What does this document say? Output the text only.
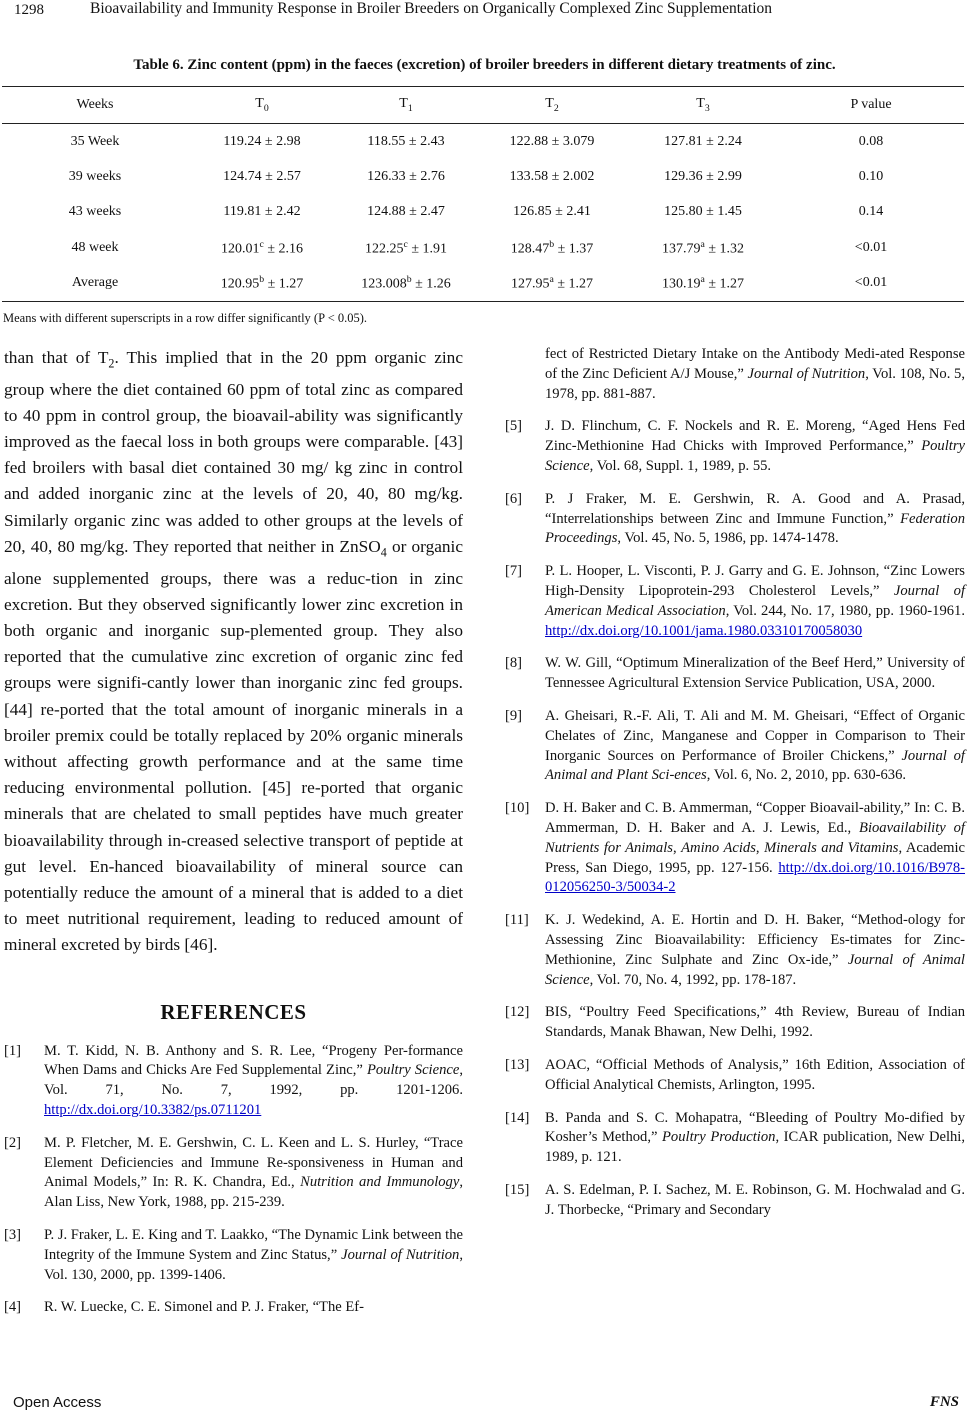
1298	Bioavailability and Immunity Response in Broiler Breeders on Organically Complexed Zinc Supplementation
Table 6. Zinc content (ppm) in the faeces (excretion) of broiler breeders in different dietary treatments of zinc.
Weeks	$T_0$	$T_1$	$T_2$	$T_3$	P value
35 Week	119.24 ± 2.98	118.55 ± 2.43	122.88 ± 3.079	127.81 ± 2.24	0.08
39 weeks	124.74 ± 2.57	126.33 ± 2.76	133.58 ± 2.002	129.36 ± 2.99	0.10
43 weeks	119.81 ± 2.42	124.88 ± 2.47	126.85 ± 2.41	125.80 ± 1.45	0.14
48 week	120.01$^c$ ± 2.16	122.25$^c$ ± 1.91	128.47$^b$ ± 1.37	137.79$^a$ ± 1.32	<0.01
Average	120.95$^b$ ± 1.27	123.008$^b$ ± 1.26	127.95$^a$ ± 1.27	130.19$^a$ ± 1.27	<0.01
Means with different superscripts in a row differ significantly (P < 0.05).

than that of $T_2$. This implied that in the 20 ppm organic zinc group where the diet contained 60 ppm of total zinc as compared to 40 ppm in control group, the bioavail-ability was significantly improved as the faecal loss in both groups were comparable. [43] fed broilers with basal diet contained 30 mg/ kg zinc in control and added inorganic zinc at the levels of 20, 40, 80 mg/kg. Similarly organic zinc was added to other groups at the levels of 20, 40, 80 mg/kg. They reported that neither in ZnSO$_4$ or organic alone supplemented groups, there was a reduc-tion in zinc excretion. But they observed significantly lower zinc excretion in both organic and inorganic sup-plemented group. They also reported that the cumulative zinc excretion of organic zinc fed groups were signifi-cantly lower than inorganic zinc fed groups. [44] re-ported that the total amount of inorganic minerals in a broiler premix could be totally replaced by 20% organic minerals without affecting growth performance and at the same time reducing environmental pollution. [45] re-ported that organic minerals that are chelated to small peptides have much greater bioavailability through in-creased selective transport of peptide at gut level. En-hanced bioavailability of mineral source can potentially reduce the amount of a mineral that is added to a diet to meet nutritional requirement, leading to reduced amount of mineral excreted by birds [46].

REFERENCES
[1]	M. T. Kidd, N. B. Anthony and S. R. Lee, “Progeny Per-formance When Dams and Chicks Are Fed Supplemental Zinc,” Poultry Science, Vol. 71, No. 7, 1992, pp. 1201-1206. http://dx.doi.org/10.3382/ps.0711201
[2]	M. P. Fletcher, M. E. Gershwin, C. L. Keen and L. S. Hurley, “Trace Element Deficiencies and Immune Re-sponsiveness in Human and Animal Models,” In: R. K. Chandra, Ed., Nutrition and Immunology, Alan Liss, New York, 1988, pp. 215-239.
[3]	P. J. Fraker, L. E. King and T. Laakko, “The Dynamic Link between the Integrity of the Immune System and Zinc Status,” Journal of Nutrition, Vol. 130, 2000, pp. 1399-1406.
[4]	R. W. Luecke, C. E. Simonel and P. J. Fraker, “The Ef-
fect of Restricted Dietary Intake on the Antibody Medi-ated Response of the Zinc Deficient A/J Mouse,” Journal of Nutrition, Vol. 108, No. 5, 1978, pp. 881-887.
[5]	J. D. Flinchum, C. F. Nockels and R. E. Moreng, “Aged Hens Fed Zinc-Methionine Had Chicks with Improved Performance,” Poultry Science, Vol. 68, Suppl. 1, 1989, p. 55.
[6]	P. J Fraker, M. E. Gershwin, R. A. Good and A. Prasad, “Interrelationships between Zinc and Immune Function,” Federation Proceedings, Vol. 45, No. 5, 1986, pp. 1474-1478.
[7]	P. L. Hooper, L. Visconti, P. J. Garry and G. E. Johnson, “Zinc Lowers High-Density Lipoprotein-293 Cholesterol Levels,” Journal of American Medical Association, Vol. 244, No. 17, 1980, pp. 1960-1961. http://dx.doi.org/10.1001/jama.1980.03310170058030
[8]	W. W. Gill, “Optimum Mineralization of the Beef Herd,” University of Tennessee Agricultural Extension Service Publication, USA, 2000.
[9]	A. Gheisari, R.-F. Ali, T. Ali and M. M. Gheisari, “Effect of Organic Chelates of Zinc, Manganese and Copper in Comparison to Their Inorganic Sources on Performance of Broiler Chickens,” Journal of Animal and Plant Sci-ences, Vol. 6, No. 2, 2010, pp. 630-636.
[10]	D. H. Baker and C. B. Ammerman, “Copper Bioavail-ability,” In: C. B. Ammerman, D. H. Baker and A. J. Lewis, Ed., Bioavailability of Nutrients for Animals, Amino Acids, Minerals and Vitamins, Academic Press, San Diego, 1995, pp. 127-156. http://dx.doi.org/10.1016/B978-012056250-3/50034-2
[11]	K. J. Wedekind, A. E. Hortin and D. H. Baker, “Method-ology for Assessing Zinc Bioavailability: Efficiency Es-timates for Zinc-Methionine, Zinc Sulphate and Zinc Ox-ide,” Journal of Animal Science, Vol. 70, No. 4, 1992, pp. 178-187.
[12]	BIS, “Poultry Feed Specifications,” 4th Review, Bureau of Indian Standards, Manak Bhawan, New Delhi, 1992.
[13]	AOAC, “Official Methods of Analysis,” 16th Edition, Association of Official Analytical Chemists, Arlington, 1995.
[14]	B. Panda and S. C. Mohapatra, “Bleeding of Poultry Mo-dified by Kosher’s Method,” Poultry Production, ICAR publication, New Delhi, 1989, p. 121.
[15]	A. S. Edelman, P. I. Sachez, M. E. Robinson, G. M. Hochwalad and G. J. Thorbecke, “Primary and Secondary
Open Access	FNS
